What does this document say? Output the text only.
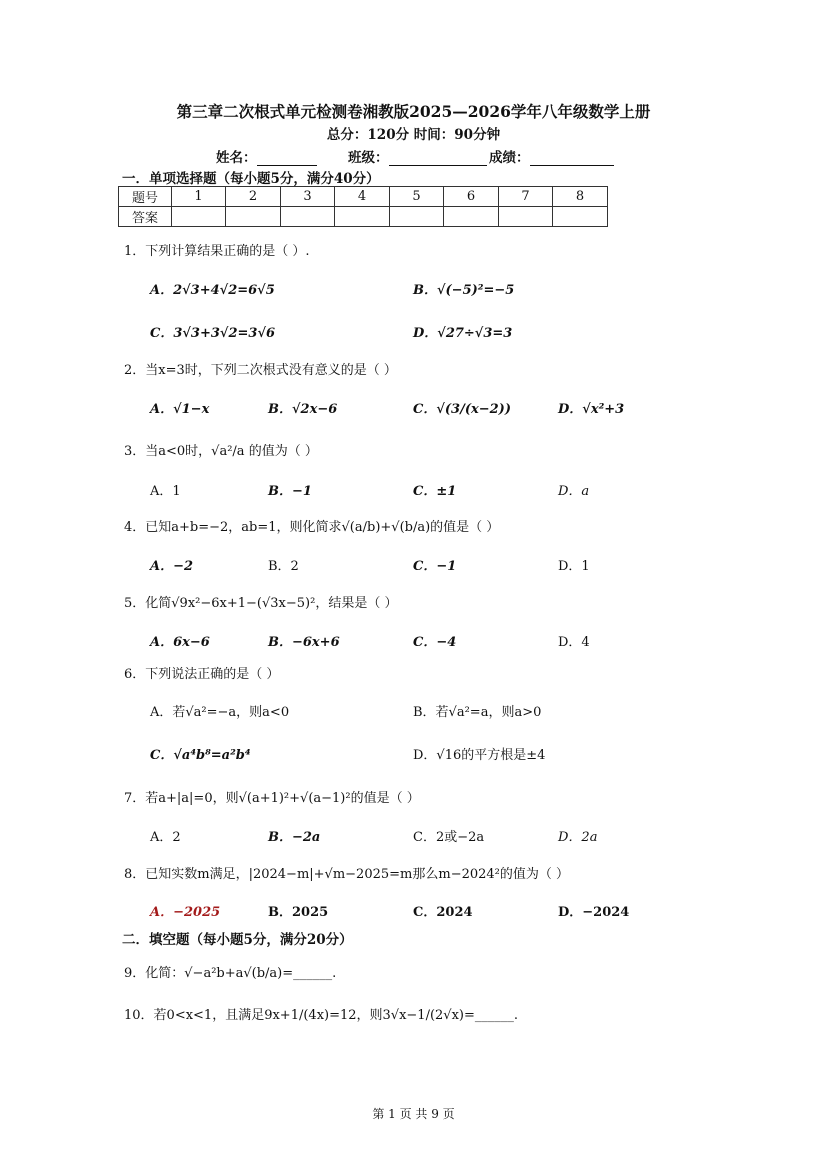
第三章二次根式单元检测卷湘教版2025—2026学年八年级数学上册
总分：120分 时间：90分钟
姓名：	班级：	成绩：
一．单项选择题（每小题5分，满分40分）
题号	1	2	3	4	5	6	7	8
答案								
1．下列计算结果正确的是（ ）.
A．2√3+4√2=6√5	B．√(−5)²=−5
C．3√3+3√2=3√6	D．√27÷√3=3
2．当x=3时，下列二次根式没有意义的是（ ）
A．√1−x	B．√2x−6	C．√(3/(x−2))	D．√x²+3
3．当a<0时，√a²/a 的值为（ ）
A．1	B．−1	C．±1	D．a
4．已知a+b=−2，ab=1，则化简求√(a/b)+√(b/a)的值是（ ）
A．−2	B．2	C．−1	D．1
5．化简√9x²−6x+1−(√3x−5)²，结果是（ ）
A．6x−6	B．−6x+6	C．−4	D．4
6．下列说法正确的是（ ）
A．若√a²=−a，则a<0	B．若√a²=a，则a>0
C．√a⁴b⁸=a²b⁴	D．√16的平方根是±4
7．若a+|a|=0，则√(a+1)²+√(a−1)²的值是（ ）
A．2	B．−2a	C．2或−2a	D．2a
8．已知实数m满足，|2024−m|+√m−2025=m那么m−2024²的值为（ ）
A．−2025	B．2025	C．2024	D．−2024
二．填空题（每小题5分，满分20分）
9．化简：√−a²b+a√(b/a)=______.
10．若0<x<1，且满足9x+1/(4x)=12，则3√x−1/(2√x)=______.
第 1 页 共 9 页
